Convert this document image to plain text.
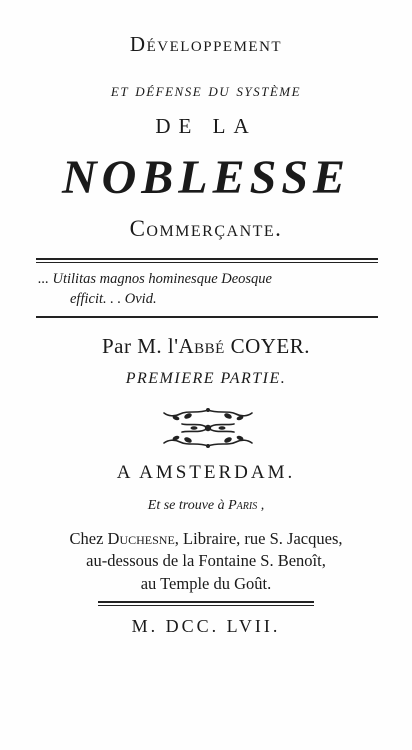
Développement
et défense du système
DE LA
NOBLESSE
Commerçante.
... Utilitas magnos hominesque Deosque
efficit. . . Ovid.
Par M. l'Abbé COYER.
PREMIERE PARTIE.
A AMSTERDAM.
Et se trouve à Paris ,
Chez Duchesne, Libraire, rue S. Jacques,
au-dessous de la Fontaine S. Benoît,
au Temple du Goût.
M. DCC. LVII.
